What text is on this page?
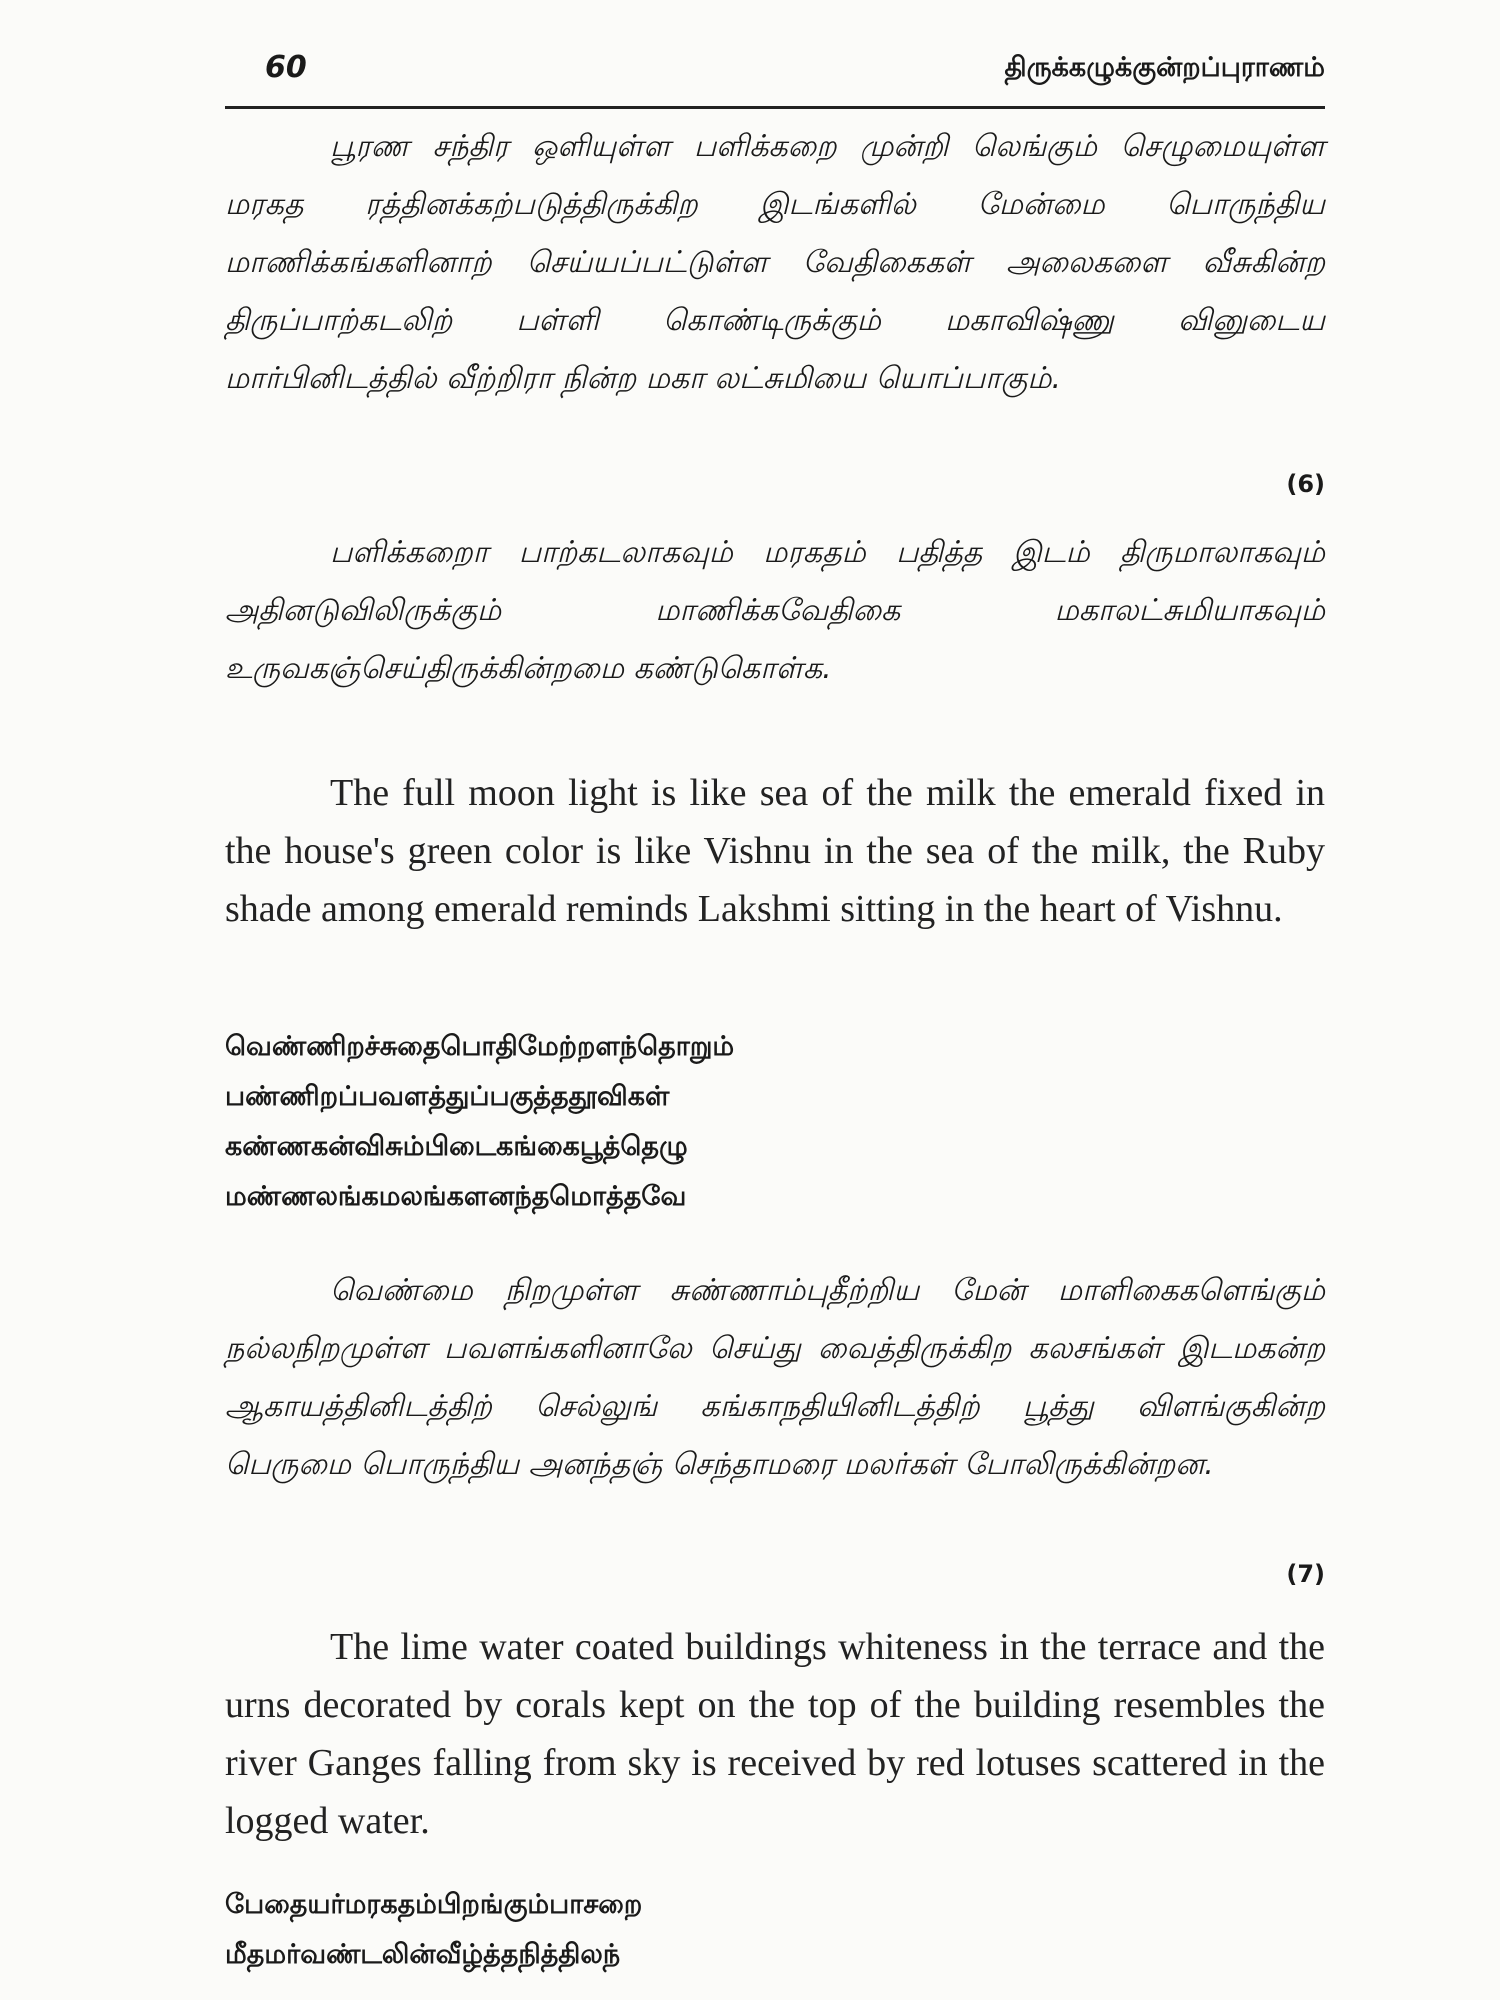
60	திருக்கழுக்குன்றப்புராணம்

பூரண சந்திர ஒளியுள்ள பளிக்கறை முன்றி லெங்கும் செழுமையுள்ள மரகத ரத்தினக்கற்படுத்திருக்கிற இடங்களில் மேன்மை பொருந்திய மாணிக்கங்களினாற் செய்யப்பட்டுள்ள வேதிகைகள் அலைகளை வீசுகின்ற திருப்பாற்கடலிற் பள்ளி கொண்டிருக்கும் மகாவிஷ்ணு வினுடைய மார்பினிடத்தில் வீற்றிரா நின்ற மகா லட்சுமியை யொப்பாகும்.

(6)

பளிக்கறைா பாற்கடலாகவும் மரகதம் பதித்த இடம் திருமாலாகவும் அதினடுவிலிருக்கும் மாணிக்கவேதிகை மகாலட்சுமியாகவும் உருவகஞ்செய்திருக்கின்றமை கண்டுகொள்க.

The full moon light is like sea of the milk the emerald fixed in the house's green color is like Vishnu in the sea of the milk, the Ruby shade among emerald reminds Lakshmi sitting in the heart of Vishnu.

வெண்ணிறச்சுதைபொதிமேற்றளந்தொறும்
பண்ணிறப்பவளத்துப்பகுத்ததூவிகள்
கண்ணகன்விசும்பிடைகங்கைபூத்தெழு
மண்ணலங்கமலங்களனந்தமொத்தவே

வெண்மை நிறமுள்ள சுண்ணாம்புதீற்றிய மேன் மாளிகைகளெங்கும் நல்லநிறமுள்ள பவளங்களினாலே செய்து வைத்திருக்கிற கலசங்கள் இடமகன்ற ஆகாயத்தினிடத்திற் செல்லுங் கங்காநதியினிடத்திற் பூத்து விளங்குகின்ற பெருமை பொருந்திய அனந்தஞ் செந்தாமரை மலர்கள் போலிருக்கின்றன.

(7)

The lime water coated buildings whiteness in the terrace and the urns decorated by corals kept on the top of the building resembles the river Ganges falling from sky is received by red lotuses scattered in the logged water.

பேதையர்மரகதம்பிறங்கும்பாசறை
மீதமர்வண்டலின்வீழ்த்தநித்திலந்
